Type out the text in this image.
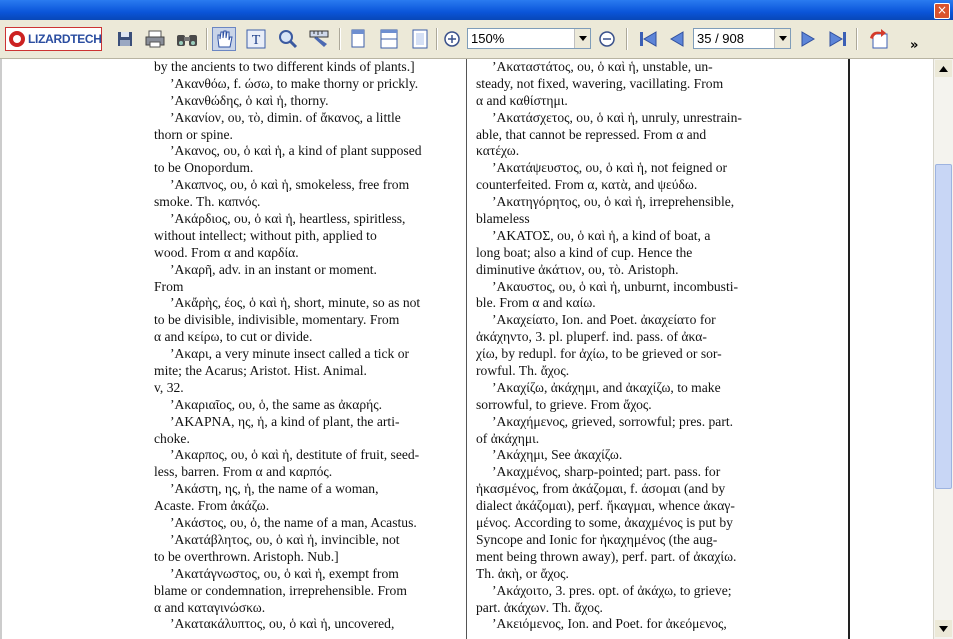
×
LIZARDTECH	T	150%	35 / 908	»
by the ancients to two different kinds of plants.]
’Ακανθόω, f. ώσω, to make thorny or prickly.
’Ακανθώδης, ὁ καὶ ἡ, thorny.
’Ακανίον, ου, τὸ, dimin. of ἄκανος, a little
thorn or spine.
’Ακανος, ου, ὁ καὶ ἡ, a kind of plant supposed
to be Onopordum.
’Ακαπνος, ου, ὁ καὶ ἡ, smokeless, free from
smoke. Th. καπνός.
’Ακάρδιος, ου, ὁ καὶ ἡ, heartless, spiritless,
without intellect; without pith, applied to
wood. From α and καρδία.
’Ακαρῆ, adv. in an instant or moment.
From
’Ακἄρὴς, έος, ὁ καὶ ἡ, short, minute, so as not
to be divisible, indivisible, momentary. From
α and κείρω, to cut or divide.
’Ακαρι, a very minute insect called a tick or
mite; the Acarus; Aristot. Hist. Animal.
v, 32.
’Ακαριαῖος, ου, ὁ, the same as ἀκαρής.
’ΑΚΑΡΝΑ, ης, ἡ, a kind of plant, the arti-
choke.
’Ακαρπος, ου, ὁ καὶ ἡ, destitute of fruit, seed-
less, barren. From α and καρπός.
’Ακάστη, ης, ἡ, the name of a woman,
Acaste. From ἀκάζω.
’Ακάστος, ου, ὁ, the name of a man, Acastus.
’Ακατάβλητος, ου, ὁ καὶ ἡ, invincible, not
to be overthrown. Aristoph. Nub.]
’Ακατάγνωστος, ου, ὁ καὶ ἡ, exempt from
blame or condemnation, irreprehensible. From
α and καταγινώσκω.
’Ακατακάλυπτος, ου, ὁ καὶ ἡ, uncovered,
’Ακαταστάτος, ου, ὁ καὶ ἡ, unstable, un-
steady, not fixed, wavering, vacillating. From
α and καθίστημι.
’Ακατάσχετος, ου, ὁ καὶ ἡ, unruly, unrestrain-
able, that cannot be repressed. From α and
κατέχω.
’Ακατάψευστος, ου, ὁ καὶ ἡ, not feigned or
counterfeited. From α, κατὰ, and ψεύδω.
’Ακατηγόρητος, ου, ὁ καὶ ἡ, irreprehensible,
blameless
’ΑΚΑΤΟΣ, ου, ὁ καὶ ἡ, a kind of boat, a
long boat; also a kind of cup. Hence the
diminutive ἀκάτιον, ου, τὸ. Aristoph.
’Ακαυστος, ου, ὁ καὶ ἡ, unburnt, incombusti-
ble. From α and καίω.
’Ακαχείατο, Ion. and Poet. ἀκαχείατο for
ἀκάχηντο, 3. pl. pluperf. ind. pass. of ἀκα-
χίω, by redupl. for ἀχίω, to be grieved or sor-
rowful. Th. ἄχος.
’Ακαχίζω, ἀκάχημι, and ἀκαχίζω, to make
sorrowful, to grieve. From ἄχος.
’Ακαχήμενος, grieved, sorrowful; pres. part.
of ἀκάχημι.
’Ακάχημι, See ἀκαχίζω.
’Ακαχμένος, sharp-pointed; part. pass. for
ἠκασμένος, from ἀκάζομαι, f. άσομαι (and by
dialect ἀκάζομαι), perf. ἤκαγμαι, whence ἀκαγ-
μένος. According to some, ἀκαχμένος is put by
Syncope and Ionic for ἠκαχημένος (the aug-
ment being thrown away), perf. part. of ἀκαχίω.
Th. ἀκὴ, or ἄχος.
’Ακάχοιτο, 3. pres. opt. of ἀκάχω, to grieve;
part. ἀκάχων. Th. ἄχος.
’Ακειόμενος, Ion. and Poet. for ἀκεόμενος,
